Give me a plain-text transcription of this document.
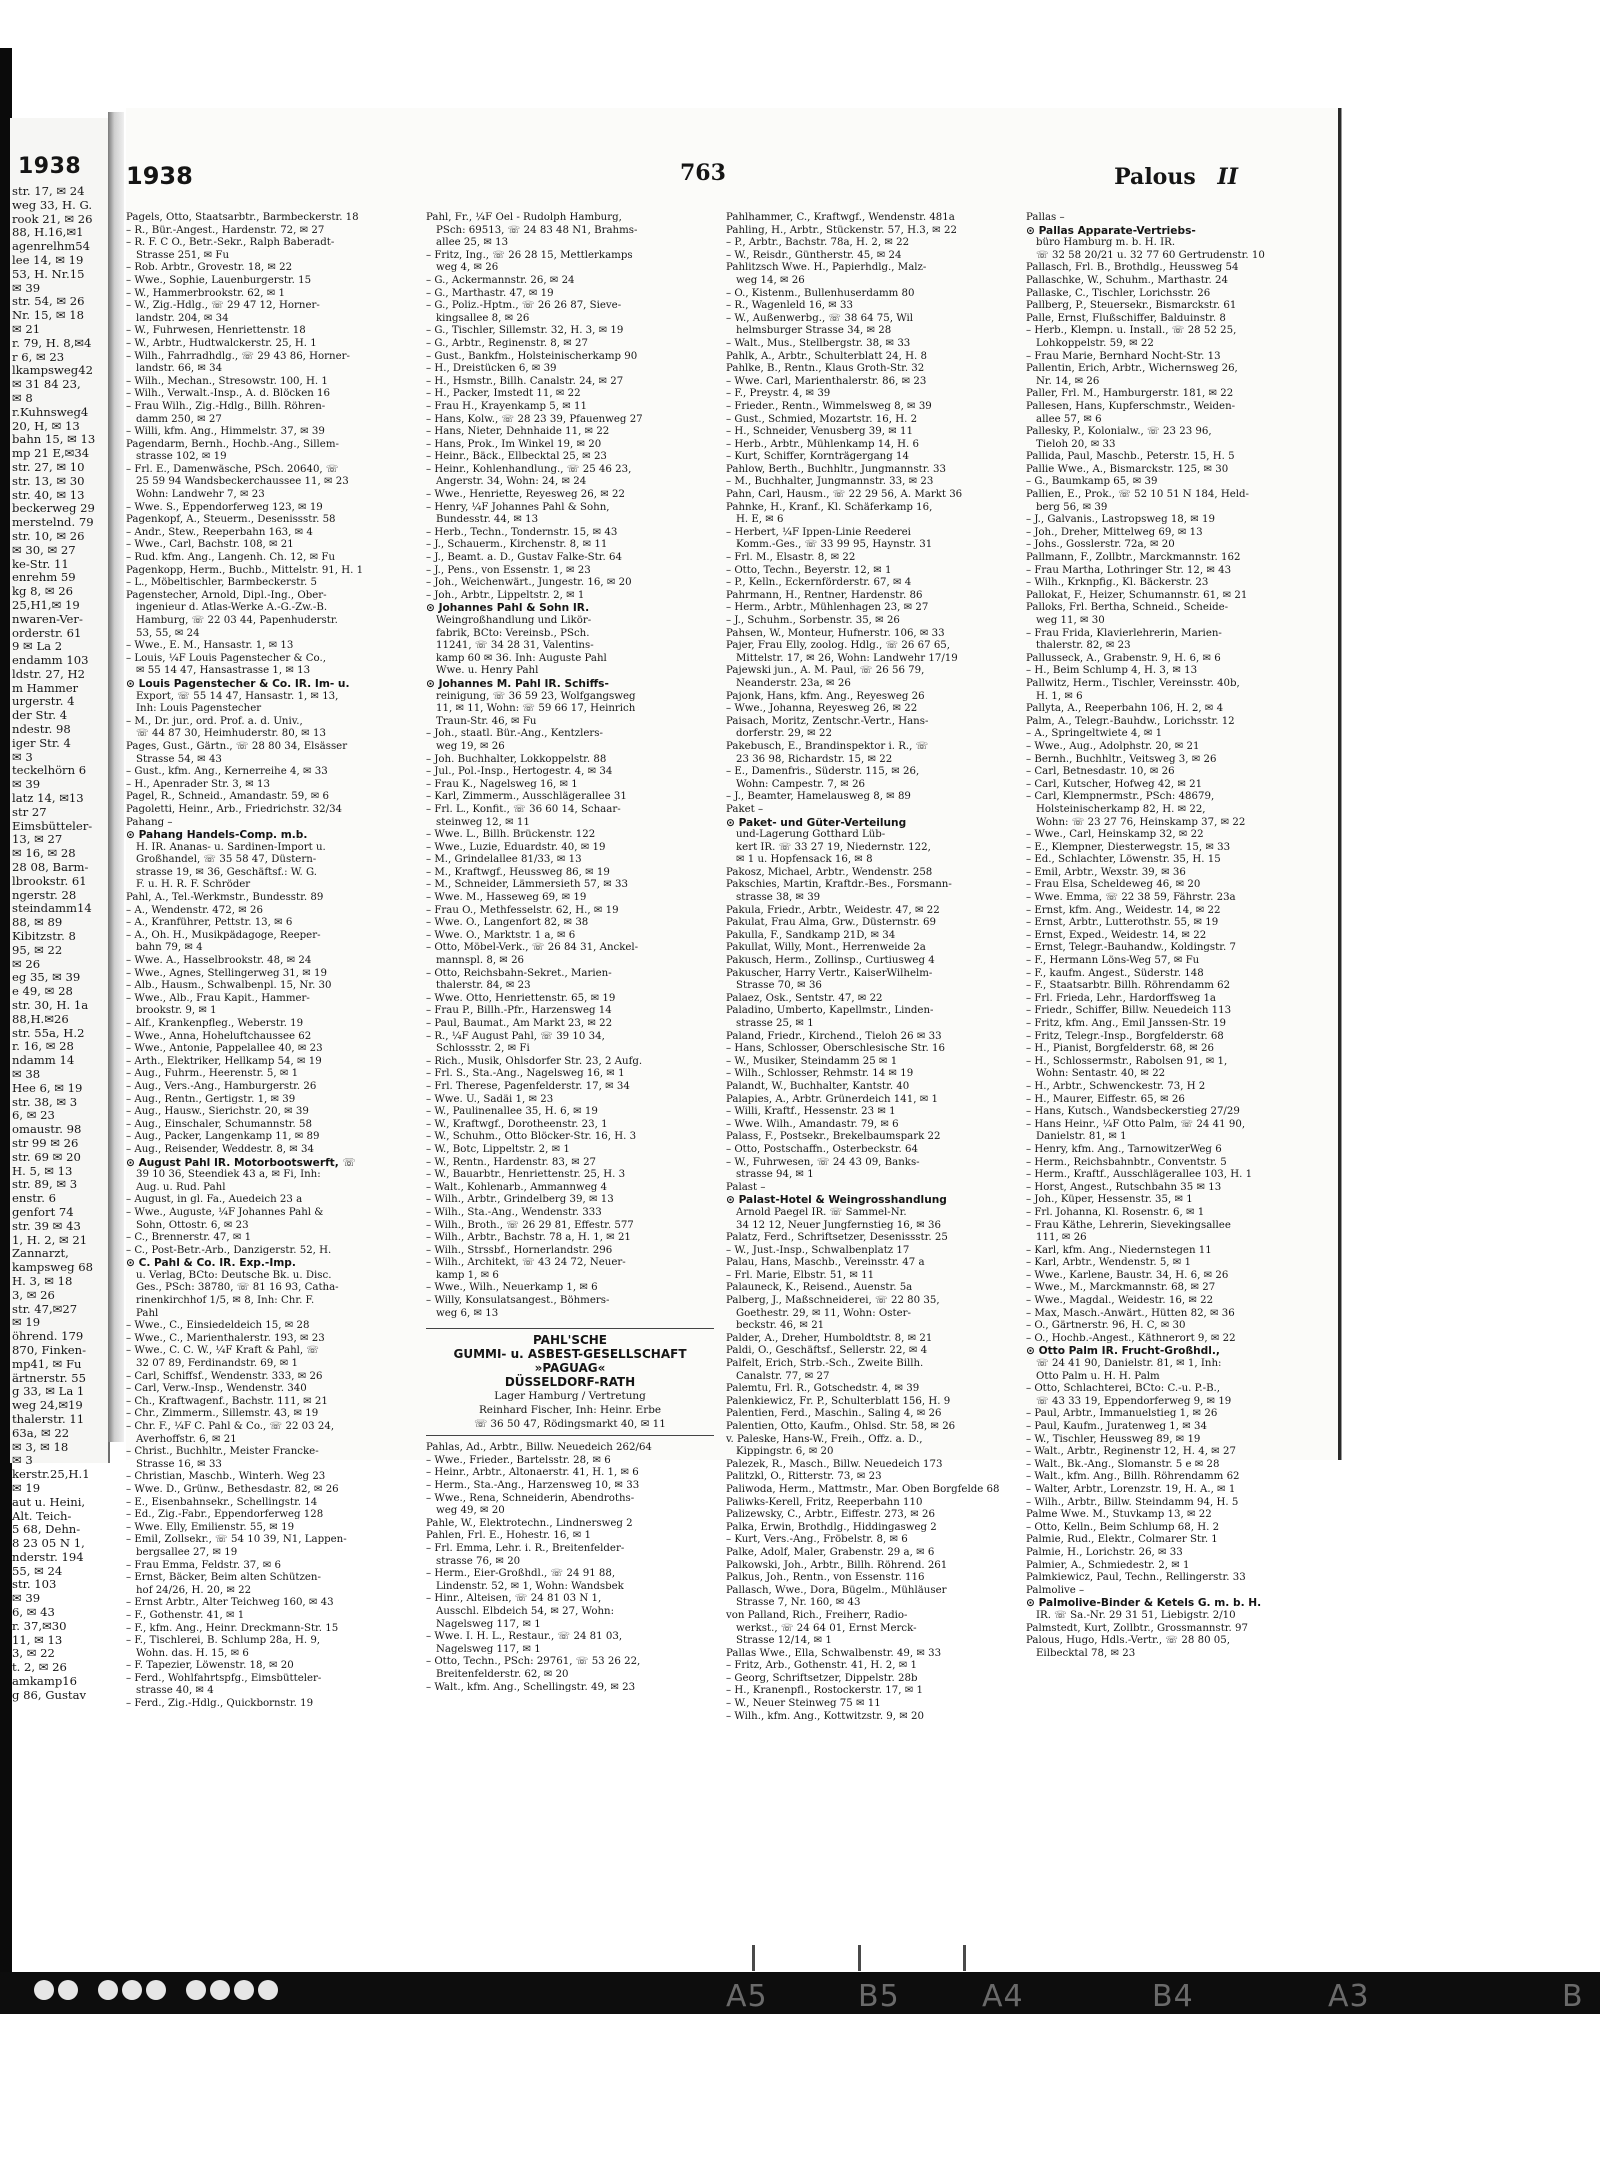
1938
str. 17, ✉ 24
weg 33, H. G.
rook 21, ✉ 26
88, H.16,✉1
agenrelhm54
lee 14, ✉ 19
53, H. Nr.15
✉ 39
str. 54, ✉ 26
Nr. 15, ✉ 18
✉ 21
r. 79, H. 8,✉4
r 6, ✉ 23
lkampsweg42
✉ 31 84 23,
✉ 8
r.Kuhnsweg4
20, H, ✉ 13
bahn 15, ✉ 13
mp 21 E,✉34
str. 27, ✉ 10
str. 13, ✉ 30
str. 40, ✉ 13
beckerweg 29
merstelnd. 79
str. 10, ✉ 26
✉ 30, ✉ 27
ke-Str. 11
enrehm 59
kg 8, ✉ 26
25,H1,✉ 19
nwaren-Ver-
orderstr. 61
9 ✉ La 2
endamm 103
ldstr. 27, H2
m Hammer
urgerstr. 4
der Str. 4
ndestr. 98
iger Str. 4
✉ 3
teckelhörn 6
✉ 39
latz 14, ✉13
str 27
Eimsbütteler-
13, ✉ 27
✉ 16, ✉ 28
28 08, Barm-
lbrookstr. 61
ngerstr. 28
steindamm14
88, ✉ 89
Kibitzstr. 8
95, ✉ 22
✉ 26
eg 35, ✉ 39
e 49, ✉ 28
str. 30, H. 1a
88,H.✉26
str. 55a, H.2
r. 16, ✉ 28
ndamm 14
✉ 38
Hee 6, ✉ 19
str. 38, ✉ 3
6, ✉ 23
omaustr. 98
str 99 ✉ 26
str. 69 ✉ 20
H. 5, ✉ 13
str. 89, ✉ 3
enstr. 6
genfort 74
str. 39 ✉ 43
1, H. 2, ✉ 21
Zannarzt,
kampsweg 68
H. 3, ✉ 18
3, ✉ 26
str. 47,✉27
✉ 19
öhrend. 179
870, Finken-
mp41, ✉ Fu
ärtnerstr. 55
g 33, ✉ La 1
weg 24,✉19
thalerstr. 11
63a, ✉ 22
✉ 3, ✉ 18
✉ 3
kerstr.25,H.1
✉ 19
aut u. Heini,
Alt. Teich-
5 68, Dehn-
8 23 05 N 1,
nderstr. 194
55, ✉ 24
str. 103
✉ 39
6, ✉ 43
r. 37,✉30
11, ✉ 13
3, ✉ 22
t. 2, ✉ 26
amkamp16
g 86, Gustav
1938	763	Palous II
Pagels, Otto, Staatsarbtr., Barmbeckerstr. 18
– R., Bür.-Angest., Hardenstr. 72, ✉ 27
– R. F. C O., Betr.-Sekr., Ralph Baberadt-
Strasse 251, ✉ Fu
– Rob. Arbtr., Grovestr. 18, ✉ 22
– Wwe., Sophie, Lauenburgerstr. 15
– W., Hammerbrookstr. 62, ✉ 1
– W., Zig.-Hdlg., ☏ 29 47 12, Horner-
landstr. 204, ✉ 34
– W., Fuhrwesen, Henriettenstr. 18
– W., Arbtr., Hudtwalckerstr. 25, H. 1
– Wilh., Fahrradhdlg., ☏ 29 43 86, Horner-
landstr. 66, ✉ 34
– Wilh., Mechan., Stresowstr. 100, H. 1
– Wilh., Verwalt.-Insp., A. d. Blöcken 16
– Frau Wilh., Zig.-Hdlg., Billh. Röhren-
damm 250, ✉ 27
– Willi, kfm. Ang., Himmelstr. 37, ✉ 39
Pagendarm, Bernh., Hochb.-Ang., Sillem-
strasse 102, ✉ 19
– Frl. E., Damenwäsche, PSch. 20640, ☏
25 59 94 Wandsbeckerchaussee 11, ✉ 23
Wohn: Landwehr 7, ✉ 23
– Wwe. S., Eppendorferweg 123, ✉ 19
Pagenkopf, A., Steuerm., Desenissstr. 58
– Andr., Stew., Reeperbahn 163, ✉ 4
– Wwe., Carl, Bachstr. 108, ✉ 21
– Rud. kfm. Ang., Langenh. Ch. 12, ✉ Fu
Pagenkopp, Herm., Buchb., Mittelstr. 91, H. 1
– L., Möbeltischler, Barmbeckerstr. 5
Pagenstecher, Arnold, Dipl.-Ing., Ober-
ingenieur d. Atlas-Werke A.-G.-Zw.-B.
Hamburg, ☏ 22 03 44, Papenhuderstr.
53, 55, ✉ 24
– Wwe., E. M., Hansastr. 1, ✉ 13
– Louis, ¼F Louis Pagenstecher & Co.,
✉ 55 14 47, Hansastrasse 1, ✉ 13
⊙ Louis Pagenstecher & Co. IR. Im- u.
Export, ☏ 55 14 47, Hansastr. 1, ✉ 13,
Inh: Louis Pagenstecher
– M., Dr. jur., ord. Prof. a. d. Univ.,
☏ 44 87 30, Heimhuderstr. 80, ✉ 13
Pages, Gust., Gärtn., ☏ 28 80 34, Elsässer
Strasse 54, ✉ 43
– Gust., kfm. Ang., Kernerreihe 4, ✉ 33
– H., Apenrader Str. 3, ✉ 13
Pagel, R., Schneid., Amandastr. 59, ✉ 6
Pagoletti, Heinr., Arb., Friedrichstr. 32/34
Pahang –
⊙ Pahang Handels-Comp. m.b.
H. IR. Ananas- u. Sardinen-Import u.
Großhandel, ☏ 35 58 47, Düstern-
strasse 19, ✉ 36, Geschäftsf.: W. G.
F. u. H. R. F. Schröder
Pahl, A., Tel.-Werkmstr., Bundesstr. 89
– A., Wendenstr. 472, ✉ 26
– A., Kranführer, Pettstr. 13, ✉ 6
– A., Oh. H., Musikpädagoge, Reeper-
bahn 79, ✉ 4
– Wwe. A., Hasselbrookstr. 48, ✉ 24
– Wwe., Agnes, Stellingerweg 31, ✉ 19
– Alb., Hausm., Schwalbenpl. 15, Nr. 30
– Wwe., Alb., Frau Kapit., Hammer-
brookstr. 9, ✉ 1
– Alf., Krankenpfleg., Weberstr. 19
– Wwe., Anna, Hoheluftchaussee 62
– Wwe., Antonie, Pappelallee 40, ✉ 23
– Arth., Elektriker, Hellkamp 54, ✉ 19
– Aug., Fuhrm., Heerenstr. 5, ✉ 1
– Aug., Vers.-Ang., Hamburgerstr. 26
– Aug., Rentn., Gertigstr. 1, ✉ 39
– Aug., Hausw., Sierichstr. 20, ✉ 39
– Aug., Einschaler, Schumannstr. 58
– Aug., Packer, Langenkamp 11, ✉ 89
– Aug., Reisender, Weddestr. 8, ✉ 34
⊙ August Pahl IR. Motorbootswerft, ☏
39 10 36, Steendiek 43 a, ✉ Fi, Inh:
Aug. u. Rud. Pahl
– August, in gl. Fa., Auedeich 23 a
– Wwe., Auguste, ¼F Johannes Pahl &
Sohn, Ottostr. 6, ✉ 23
– C., Brennerstr. 47, ✉ 1
– C., Post-Betr.-Arb., Danzigerstr. 52, H.
⊙ C. Pahl & Co. IR. Exp.-Imp.
u. Verlag, BCto: Deutsche Bk. u. Disc.
Ges., PSch: 38780, ☏ 81 16 93, Catha-
rinenkirchhof 1/5, ✉ 8, Inh: Chr. F.
Pahl
– Wwe., C., Einsiedeldeich 15, ✉ 28
– Wwe., C., Marienthalerstr. 193, ✉ 23
– Wwe., C. C. W., ¼F Kraft & Pahl, ☏
32 07 89, Ferdinandstr. 69, ✉ 1
– Carl, Schiffsf., Wendenstr. 333, ✉ 26
– Carl, Verw.-Insp., Wendenstr. 340
– Ch., Kraftwagenf., Bachstr. 111, ✉ 21
– Chr., Zimmerm., Sillemstr. 43, ✉ 19
– Chr. F., ¼F C. Pahl & Co., ☏ 22 03 24,
Averhoffstr. 6, ✉ 21
– Christ., Buchhltr., Meister Francke-
Strasse 16, ✉ 33
– Christian, Maschb., Winterh. Weg 23
– Wwe. D., Grünw., Bethesdastr. 82, ✉ 26
– E., Eisenbahnsekr., Schellingstr. 14
– Ed., Zig.-Fabr., Eppendorferweg 128
– Wwe. Elly, Emilienstr. 55, ✉ 19
– Emil, Zollsekr., ☏ 54 10 39, N1, Lappen-
bergsallee 27, ✉ 19
– Frau Emma, Feldstr. 37, ✉ 6
– Ernst, Bäcker, Beim alten Schützen-
hof 24/26, H. 20, ✉ 22
– Ernst Arbtr., Alter Teichweg 160, ✉ 43
– F., Gothenstr. 41, ✉ 1
– F., kfm. Ang., Heinr. Dreckmann-Str. 15
– F., Tischlerei, B. Schlump 28a, H. 9,
Wohn. das. H. 15, ✉ 6
– F. Tapezier, Löwenstr. 18, ✉ 20
– Ferd., Wohlfahrtspfg., Eimsbütteler-
strasse 40, ✉ 4
– Ferd., Zig.-Hdlg., Quickbornstr. 19
Pahl, Fr., ¼F Oel - Rudolph Hamburg,
PSch: 69513, ☏ 24 83 48 N1, Brahms-
allee 25, ✉ 13
– Fritz, Ing., ☏ 26 28 15, Mettlerkamps
weg 4, ✉ 26
– G., Ackermannstr. 26, ✉ 24
– G., Marthastr. 47, ✉ 19
– G., Poliz.-Hptm., ☏ 26 26 87, Sieve-
kingsallee 8, ✉ 26
– G., Tischler, Sillemstr. 32, H. 3, ✉ 19
– G., Arbtr., Reginenstr. 8, ✉ 27
– Gust., Bankfm., Holsteinischerkamp 90
– H., Dreistücken 6, ✉ 39
– H., Hsmstr., Billh. Canalstr. 24, ✉ 27
– H., Packer, Imstedt 11, ✉ 22
– Frau H., Krayenkamp 5, ✉ 11
– Hans, Kolw., ☏ 28 23 39, Pfauenweg 27
– Hans, Nieter, Dehnhaide 11, ✉ 22
– Hans, Prok., Im Winkel 19, ✉ 20
– Heinr., Bäck., Ellbecktal 25, ✉ 23
– Heinr., Kohlenhandlung., ☏ 25 46 23,
Angerstr. 34, Wohn: 24, ✉ 24
– Wwe., Henriette, Reyesweg 26, ✉ 22
– Henry, ¼F Johannes Pahl & Sohn,
Bundesstr. 44, ✉ 13
– Herb., Techn., Tondernstr. 15, ✉ 43
– J., Schauerm., Kirchenstr. 8, ✉ 11
– J., Beamt. a. D., Gustav Falke-Str. 64
– J., Pens., von Essenstr. 1, ✉ 23
– Joh., Weichenwärt., Jungestr. 16, ✉ 20
– Joh., Arbtr., Lippeltstr. 2, ✉ 1
⊙ Johannes Pahl & Sohn IR.
Weingroßhandlung und Likör-
fabrik, BCto: Vereinsb., PSch.
11241, ☏ 34 28 31, Valentins-
kamp 60 ✉ 36. Inh: Auguste Pahl
Wwe. u. Henry Pahl
⊙ Johannes M. Pahl IR. Schiffs-
reinigung, ☏ 36 59 23, Wolfgangsweg
11, ✉ 11, Wohn: ☏ 59 66 17, Heinrich
Traun-Str. 46, ✉ Fu
– Joh., staatl. Bür.-Ang., Kentzlers-
weg 19, ✉ 26
– Joh. Buchhalter, Lokkoppelstr. 88
– Jul., Pol.-Insp., Hertogestr. 4, ✉ 34
– Frau K., Nagelsweg 16, ✉ 1
– Karl, Zimmerm., Ausschlägerallee 31
– Frl. L., Konfit., ☏ 36 60 14, Schaar-
steinweg 12, ✉ 11
– Wwe. L., Billh. Brückenstr. 122
– Wwe., Luzie, Eduardstr. 40, ✉ 19
– M., Grindelallee 81/33, ✉ 13
– M., Kraftwgf., Heussweg 86, ✉ 19
– M., Schneider, Lämmersieth 57, ✉ 33
– Wwe. M., Hasseweg 69, ✉ 19
– Frau O., Methfesselstr. 62, H., ✉ 19
– Wwe. O., Langenfort 82, ✉ 38
– Wwe. O., Marktstr. 1 a, ✉ 6
– Otto, Möbel-Verk., ☏ 26 84 31, Anckel-
mannspl. 8, ✉ 26
– Otto, Reichsbahn-Sekret., Marien-
thalerstr. 84, ✉ 23
– Wwe. Otto, Henriettenstr. 65, ✉ 19
– Frau P., Billh.-Pfr., Harzensweg 14
– Paul, Baumat., Am Markt 23, ✉ 22
– R., ¼F August Pahl, ☏ 39 10 34,
Schlossstr. 2, ✉ Fi
– Rich., Musik, Ohlsdorfer Str. 23, 2 Aufg.
– Frl. S., Sta.-Ang., Nagelsweg 16, ✉ 1
– Frl. Therese, Pagenfelderstr. 17, ✉ 34
– Wwe. U., Sadäi 1, ✉ 23
– W., Paulinenallee 35, H. 6, ✉ 19
– W., Kraftwgf., Dorotheenstr. 23, 1
– W., Schuhm., Otto Blöcker-Str. 16, H. 3
– W., Botc, Lippeltstr. 2, ✉ 1
– W., Rentn., Hardenstr. 83, ✉ 27
– W., Bauarbtr., Henriettenstr. 25, H. 3
– Walt., Kohlenarb., Ammannweg 4
– Wilh., Arbtr., Grindelberg 39, ✉ 13
– Wilh., Sta.-Ang., Wendenstr. 333
– Wilh., Broth., ☏ 26 29 81, Effestr. 577
– Wilh., Arbtr., Bachstr. 78 a, H. 1, ✉ 21
– Wilh., Strssbf., Hornerlandstr. 296
– Wilh., Architekt, ☏ 43 24 72, Neuer-
kamp 1, ✉ 6
– Wwe., Wilh., Neuerkamp 1, ✉ 6
– Willy, Konsulatsangest., Böhmers-
weg 6, ✉ 13
PAHL'SCHE
GUMMI- u. ASBEST-GESELLSCHAFT
»PAGUAG«
DÜSSELDORF-RATH
Lager Hamburg / Vertretung
Reinhard Fischer, Inh: Heinr. Erbe
☏ 36 50 47, Rödingsmarkt 40, ✉ 11
Pahlas, Ad., Arbtr., Billw. Neuedeich 262/64
– Wwe., Frieder., Bartelsstr. 28, ✉ 6
– Heinr., Arbtr., Altonaerstr. 41, H. 1, ✉ 6
– Herm., Sta.-Ang., Harzensweg 10, ✉ 33
– Wwe., Rena, Schneiderin, Abendroths-
weg 49, ✉ 20
Pahle, W., Elektrotechn., Lindnersweg 2
Pahlen, Frl. E., Hohestr. 16, ✉ 1
– Frl. Emma, Lehr. i. R., Breitenfelder-
strasse 76, ✉ 20
– Herm., Eier-Großhdl., ☏ 24 91 88,
Lindenstr. 52, ✉ 1, Wohn: Wandsbek
– Hinr., Alteisen, ☏ 24 81 03 N 1,
Ausschl. Elbdeich 54, ✉ 27, Wohn:
Nagelsweg 117, ✉ 1
– Wwe. I. H. L., Restaur., ☏ 24 81 03,
Nagelsweg 117, ✉ 1
– Otto, Techn., PSch: 29761, ☏ 53 26 22,
Breitenfelderstr. 62, ✉ 20
– Walt., kfm. Ang., Schellingstr. 49, ✉ 23
Pahlhammer, C., Kraftwgf., Wendenstr. 481a
Pahling, H., Arbtr., Stückenstr. 57, H.3, ✉ 22
– P., Arbtr., Bachstr. 78a, H. 2, ✉ 22
– W., Reisdr., Güntherstr. 45, ✉ 24
Pahlitzsch Wwe. H., Papierhdlg., Malz-
weg 14, ✉ 26
– O., Kistenm., Bullenhuserdamm 80
– R., Wagenleld 16, ✉ 33
– W., Außenwerbg., ☏ 38 64 75, Wil
helmsburger Strasse 34, ✉ 28
– Walt., Mus., Stellbergstr. 38, ✉ 33
Pahlk, A., Arbtr., Schulterblatt 24, H. 8
Pahlke, B., Rentn., Klaus Groth-Str. 32
– Wwe. Carl, Marienthalerstr. 86, ✉ 23
– F., Preystr. 4, ✉ 39
– Frieder., Rentn., Wimmelsweg 8, ✉ 39
– Gust., Schmied, Mozartstr. 16, H. 2
– H., Schneider, Venusberg 39, ✉ 11
– Herb., Arbtr., Mühlenkamp 14, H. 6
– Kurt, Schiffer, Kornträgergang 14
Pahlow, Berth., Buchhltr., Jungmannstr. 33
– M., Buchhalter, Jungmannstr. 33, ✉ 23
Pahn, Carl, Hausm., ☏ 22 29 56, A. Markt 36
Pahnke, H., Kranf., Kl. Schäferkamp 16,
H. E, ✉ 6
– Herbert, ¼F Ippen-Linie Reederei
Komm.-Ges., ☏ 33 99 95, Haynstr. 31
– Frl. M., Elsastr. 8, ✉ 22
– Otto, Techn., Beyerstr. 12, ✉ 1
– P., Kelln., Eckernförderstr. 67, ✉ 4
Pahrmann, H., Rentner, Hardenstr. 86
– Herm., Arbtr., Mühlenhagen 23, ✉ 27
– J., Schuhm., Sorbenstr. 35, ✉ 26
Pahsen, W., Monteur, Hufnerstr. 106, ✉ 33
Pajer, Frau Elly, zoolog. Hdlg., ☏ 26 67 65,
Mittelstr. 17, ✉ 26, Wohn: Landwehr 17/19
Pajewski jun., A. M. Paul, ☏ 26 56 79,
Neanderstr. 23a, ✉ 26
Pajonk, Hans, kfm. Ang., Reyesweg 26
– Wwe., Johanna, Reyesweg 26, ✉ 22
Paisach, Moritz, Zentschr.-Vertr., Hans-
dorferstr. 29, ✉ 22
Pakebusch, E., Brandinspektor i. R., ☏
23 36 98, Richardstr. 15, ✉ 22
– E., Damenfris., Süderstr. 115, ✉ 26,
Wohn: Campestr. 7, ✉ 26
– J., Beamter, Hamelausweg 8, ✉ 89
Paket –
⊙ Paket- und Güter-Verteilung
und-Lagerung Gotthard Lüb-
kert IR. ☏ 33 27 19, Niedernstr. 122,
✉ 1 u. Hopfensack 16, ✉ 8
Pakosz, Michael, Arbtr., Wendenstr. 258
Pakschies, Martin, Kraftdr.-Bes., Forsmann-
strasse 38, ✉ 39
Pakula, Friedr., Arbtr., Weidestr. 47, ✉ 22
Pakulat, Frau Alma, Grw., Düsternstr. 69
Pakulla, F., Sandkamp 21D, ✉ 34
Pakullat, Willy, Mont., Herrenweide 2a
Pakusch, Herm., Zollinsp., Curtiusweg 4
Pakuscher, Harry Vertr., KaiserWilhelm-
Strasse 70, ✉ 36
Palaez, Osk., Sentstr. 47, ✉ 22
Paladino, Umberto, Kapellmstr., Linden-
strasse 25, ✉ 1
Paland, Friedr., Kirchend., Tieloh 26 ✉ 33
– Hans, Schlosser, Oberschlesische Str. 16
– W., Musiker, Steindamm 25 ✉ 1
– Wilh., Schlosser, Rehmstr. 14 ✉ 19
Palandt, W., Buchhalter, Kantstr. 40
Palapies, A., Arbtr. Grünerdeich 141, ✉ 1
– Willi, Kraftf., Hessenstr. 23 ✉ 1
– Wwe. Wilh., Amandastr. 79, ✉ 6
Palass, F., Postsekr., Brekelbaumspark 22
– Otto, Postschaffn., Osterbeckstr. 64
– W., Fuhrwesen, ☏ 24 43 09, Banks-
strasse 94, ✉ 1
Palast –
⊙ Palast-Hotel & Weingrosshandlung
Arnold Paegel IR. ☏ Sammel-Nr.
34 12 12, Neuer Jungfernstieg 16, ✉ 36
Palatz, Ferd., Schriftsetzer, Desenissstr. 25
– W., Just.-Insp., Schwalbenplatz 17
Palau, Hans, Maschb., Vereinsstr. 47 a
– Frl. Marie, Elbstr. 51, ✉ 11
Palauneck, K., Reisend., Auenstr. 5a
Palberg, J., Maßschneiderei, ☏ 22 80 35,
Goethestr. 29, ✉ 11, Wohn: Oster-
beckstr. 46, ✉ 21
Palder, A., Dreher, Humboldtstr. 8, ✉ 21
Paldi, O., Geschäftsf., Sellerstr. 22, ✉ 4
Palfelt, Erich, Strb.-Sch., Zweite Billh.
Canalstr. 77, ✉ 27
Palemtu, Frl. R., Gotschedstr. 4, ✉ 39
Palenkiewicz, Fr. P., Schulterblatt 156, H. 9
Palentien, Ferd., Maschin., Saling 4, ✉ 26
Palentien, Otto, Kaufm., Ohlsd. Str. 58, ✉ 26
v. Paleske, Hans-W., Freih., Offz. a. D.,
Kippingstr. 6, ✉ 20
Palezek, R., Masch., Billw. Neuedeich 173
Palitzkl, O., Ritterstr. 73, ✉ 23
Paliwoda, Herm., Mattmstr., Mar. Oben Borgfelde 68
Paliwks-Kerell, Fritz, Reeperbahn 110
Palizewsky, C., Arbtr., Eiffestr. 273, ✉ 26
Palka, Erwin, Brothdlg., Hiddingasweg 2
– Kurt, Vers.-Ang., Fröbelstr. 8, ✉ 6
Palke, Adolf, Maler, Grabenstr. 29 a, ✉ 6
Palkowski, Joh., Arbtr., Billh. Röhrend. 261
Palkus, Joh., Rentn., von Essenstr. 116
Pallasch, Wwe., Dora, Bügelm., Mühläuser
Strasse 7, Nr. 160, ✉ 43
von Palland, Rich., Freiherr, Radio-
werkst., ☏ 24 64 01, Ernst Merck-
Strasse 12/14, ✉ 1
Pallas Wwe., Ella, Schwalbenstr. 49, ✉ 33
– Fritz, Arb., Gothenstr. 41, H. 2, ✉ 1
– Georg, Schriftsetzer, Dippelstr. 28b
– H., Kranenpfl., Rostockerstr. 17, ✉ 1
– W., Neuer Steinweg 75 ✉ 11
– Wilh., kfm. Ang., Kottwitzstr. 9, ✉ 20
Pallas –
⊙ Pallas Apparate-Vertriebs-
büro Hamburg m. b. H. IR.
☏ 32 58 20/21 u. 32 77 60 Gertrudenstr. 10
Pallasch, Frl. B., Brothdlg., Heussweg 54
Pallaschke, W., Schuhm., Marthastr. 24
Pallaske, C., Tischler, Lorichsstr. 26
Pallberg, P., Steuersekr., Bismarckstr. 61
Palle, Ernst, Flußschiffer, Balduinstr. 8
– Herb., Klempn. u. Install., ☏ 28 52 25,
Lohkoppelstr. 59, ✉ 22
– Frau Marie, Bernhard Nocht-Str. 13
Pallentin, Erich, Arbtr., Wichernsweg 26,
Nr. 14, ✉ 26
Paller, Frl. M., Hamburgerstr. 181, ✉ 22
Pallesen, Hans, Kupferschmstr., Weiden-
allee 57, ✉ 6
Pallesky, P., Kolonialw., ☏ 23 23 96,
Tieloh 20, ✉ 33
Pallida, Paul, Maschb., Peterstr. 15, H. 5
Pallie Wwe., A., Bismarckstr. 125, ✉ 30
– G., Baumkamp 65, ✉ 39
Pallien, E., Prok., ☏ 52 10 51 N 184, Held-
berg 56, ✉ 39
– J., Galvanis., Lastropsweg 18, ✉ 19
– Joh., Dreher, Mittelweg 69, ✉ 13
– Johs., Gosslerstr. 72a, ✉ 20
Pallmann, F., Zollbtr., Marckmannstr. 162
– Frau Martha, Lothringer Str. 12, ✉ 43
– Wilh., Krknpfig., Kl. Bäckerstr. 23
Pallokat, F., Heizer, Schumannstr. 61, ✉ 21
Palloks, Frl. Bertha, Schneid., Scheide-
weg 11, ✉ 30
– Frau Frida, Klavierlehrerin, Marien-
thalerstr. 82, ✉ 23
Pallusseck, A., Grabenstr. 9, H. 6, ✉ 6
– H., Beim Schlump 4, H. 3, ✉ 13
Pallwitz, Herm., Tischler, Vereinsstr. 40b,
H. 1, ✉ 6
Pallyta, A., Reeperbahn 106, H. 2, ✉ 4
Palm, A., Telegr.-Bauhdw., Lorichsstr. 12
– A., Springeltwiete 4, ✉ 1
– Wwe., Aug., Adolphstr. 20, ✉ 21
– Bernh., Buchhltr., Veitsweg 3, ✉ 26
– Carl, Betnesdastr. 10, ✉ 26
– Carl, Kutscher, Hofweg 42, ✉ 21
– Carl, Klempnermstr., PSch: 48679,
Holsteinischerkamp 82, H. ✉ 22,
Wohn: ☏ 23 27 76, Heinskamp 37, ✉ 22
– Wwe., Carl, Heinskamp 32, ✉ 22
– E., Klempner, Diesterwegstr. 15, ✉ 33
– Ed., Schlachter, Löwenstr. 35, H. 15
– Emil, Arbtr., Wexstr. 39, ✉ 36
– Frau Elsa, Scheldeweg 46, ✉ 20
– Wwe. Emma, ☏ 22 38 59, Fährstr. 23a
– Ernst, kfm. Ang., Weidestr. 14, ✉ 22
– Ernst, Arbtr., Lutterothstr. 55, ✉ 19
– Ernst, Exped., Weidestr. 14, ✉ 22
– Ernst, Telegr.-Bauhandw., Koldingstr. 7
– F., Hermann Löns-Weg 57, ✉ Fu
– F., kaufm. Angest., Süderstr. 148
– F., Staatsarbtr. Billh. Röhrendamm 62
– Frl. Frieda, Lehr., Hardorffsweg 1a
– Friedr., Schiffer, Billw. Neuedeich 113
– Fritz, kfm. Ang., Emil Janssen-Str. 19
– Fritz, Telegr.-Insp., Borgfelderstr. 68
– H., Pianist, Borgfelderstr. 68, ✉ 26
– H., Schlossermstr., Rabolsen 91, ✉ 1,
Wohn: Sentastr. 40, ✉ 22
– H., Arbtr., Schwenckestr. 73, H 2
– H., Maurer, Eiffestr. 65, ✉ 26
– Hans, Kutsch., Wandsbeckerstieg 27/29
– Hans Heinr., ¼F Otto Palm, ☏ 24 41 90,
Danielstr. 81, ✉ 1
– Henry, kfm. Ang., TarnowitzerWeg 6
– Herm., Reichsbahnbtr., Conventstr. 5
– Herm., Kraftf., Ausschlägerallee 103, H. 1
– Horst, Angest., Rutschbahn 35 ✉ 13
– Joh., Küper, Hessenstr. 35, ✉ 1
– Frl. Johanna, Kl. Rosenstr. 6, ✉ 1
– Frau Käthe, Lehrerin, Sievekingsallee
111, ✉ 26
– Karl, kfm. Ang., Niedernstegen 11
– Karl, Arbtr., Wendenstr. 5, ✉ 1
– Wwe., Karlene, Baustr. 34, H. 6, ✉ 26
– Wwe., M., Marckmannstr. 68, ✉ 27
– Wwe., Magdal., Weidestr. 16, ✉ 22
– Max, Masch.-Anwärt., Hütten 82, ✉ 36
– O., Gärtnerstr. 96, H. C, ✉ 30
– O., Hochb.-Angest., Käthnerort 9, ✉ 22
⊙ Otto Palm IR. Frucht-Großhdl.,
☏ 24 41 90, Danielstr. 81, ✉ 1, Inh:
Otto Palm u. H. H. Palm
– Otto, Schlachterei, BCto: C.-u. P.-B.,
☏ 43 33 19, Eppendorferweg 9, ✉ 19
– Paul, Arbtr., Immanuelstieg 1, ✉ 26
– Paul, Kaufm., Juratenweg 1, ✉ 34
– W., Tischler, Heussweg 89, ✉ 19
– Walt., Arbtr., Reginenstr 12, H. 4, ✉ 27
– Walt., Bk.-Ang., Slomanstr. 5 e ✉ 28
– Walt., kfm. Ang., Billh. Röhrendamm 62
– Walter, Arbtr., Lorenzstr. 19, H. A., ✉ 1
– Wilh., Arbtr., Billw. Steindamm 94, H. 5
Palme Wwe. M., Stuvkamp 13, ✉ 22
– Otto, Kelln., Beim Schlump 68, H. 2
Palmie, Rud., Elektr., Colmarer Str. 1
Palmie, H., Lorichstr. 26, ✉ 33
Palmier, A., Schmiedestr. 2, ✉ 1
Palmkiewicz, Paul, Techn., Rellingerstr. 33
Palmolive –
⊙ Palmolive-Binder & Ketels G. m. b. H.
IR. ☏ Sa.-Nr. 29 31 51, Liebigstr. 2/10
Palmstedt, Kurt, Zollbtr., Grossmannstr. 97
Palous, Hugo, Hdls.-Vertr., ☏ 28 80 05,
Eilbecktal 78, ✉ 23
A5	B5	A4	B4	A3	B
